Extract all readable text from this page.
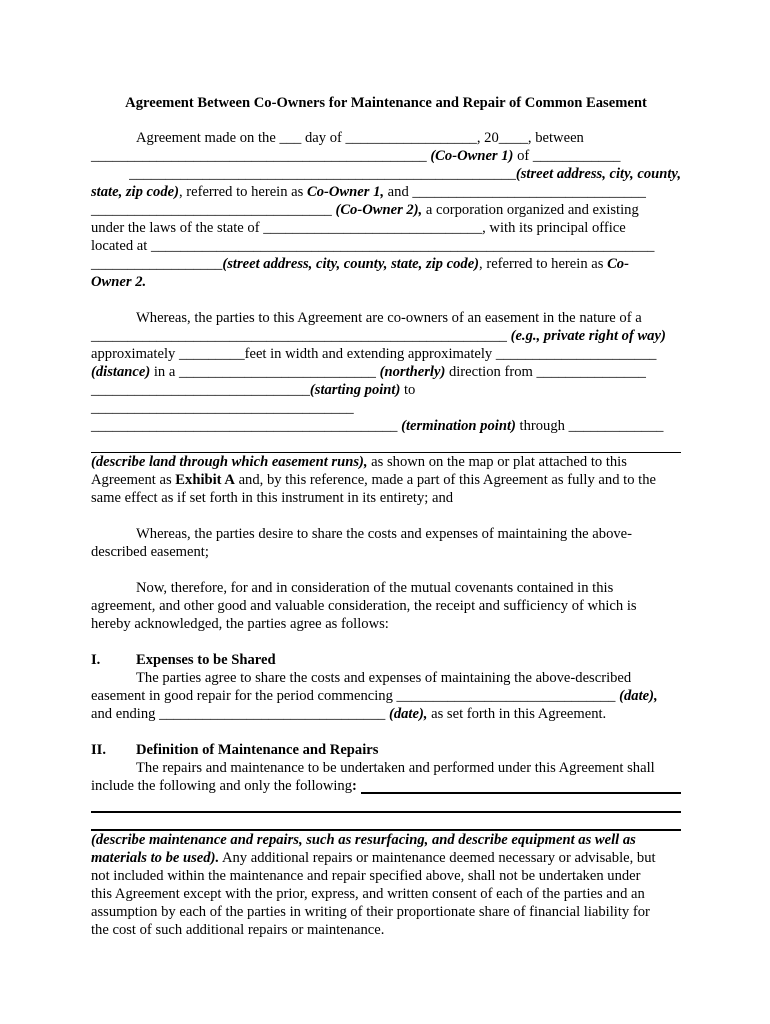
Agreement Between Co-Owners for Maintenance and Repair of Common Easement

Agreement made on the ___ day of __________________, 20____, between

______________________________________________ (Co-Owner 1) of ____________

_____________________________________________________(street address, city, county,

state, zip code), referred to herein as Co-Owner 1, and ________________________________

_________________________________ (Co-Owner 2), a corporation organized and existing

under the laws of the state of ______________________________, with its principal office

located at _____________________________________________________________________

__________________(street address, city, county, state, zip code), referred to herein as Co-

Owner 2.

Whereas, the parties to this Agreement are co-owners of an easement in the nature of a

_________________________________________________________ (e.g., private right of way)

approximately _________feet in width and extending approximately ______________________

(distance) in a ___________________________ (northerly) direction from _______________

______________________________(starting point) to ____________________________________

__________________________________________ (termination point) through _____________

(describe land through which easement runs), as shown on the map or plat attached to this

Agreement as Exhibit A and, by this reference, made a part of this Agreement as fully and to the

same effect as if set forth in this instrument in its entirety; and

Whereas, the parties desire to share the costs and expenses of maintaining the above-

described easement;

Now, therefore, for and in consideration of the mutual covenants contained in this

agreement, and other good and valuable consideration, the receipt and sufficiency of which is

hereby acknowledged, the parties agree as follows:

I.	Expenses to be Shared

The parties agree to share the costs and expenses of maintaining the above-described

easement in good repair for the period commencing ______________________________ (date),

and ending _______________________________ (date), as set forth in this Agreement.

II.	Definition of Maintenance and Repairs

The repairs and maintenance to be undertaken and performed under this Agreement shall

include the following and only the following :

(describe maintenance and repairs, such as resurfacing, and describe equipment as well as

materials to be used). Any additional repairs or maintenance deemed necessary or advisable, but

not included within the maintenance and repair specified above, shall not be undertaken under

this Agreement except with the prior, express, and written consent of each of the parties and an

assumption by each of the parties in writing of their proportionate share of financial liability for

the cost of such additional repairs or maintenance.
